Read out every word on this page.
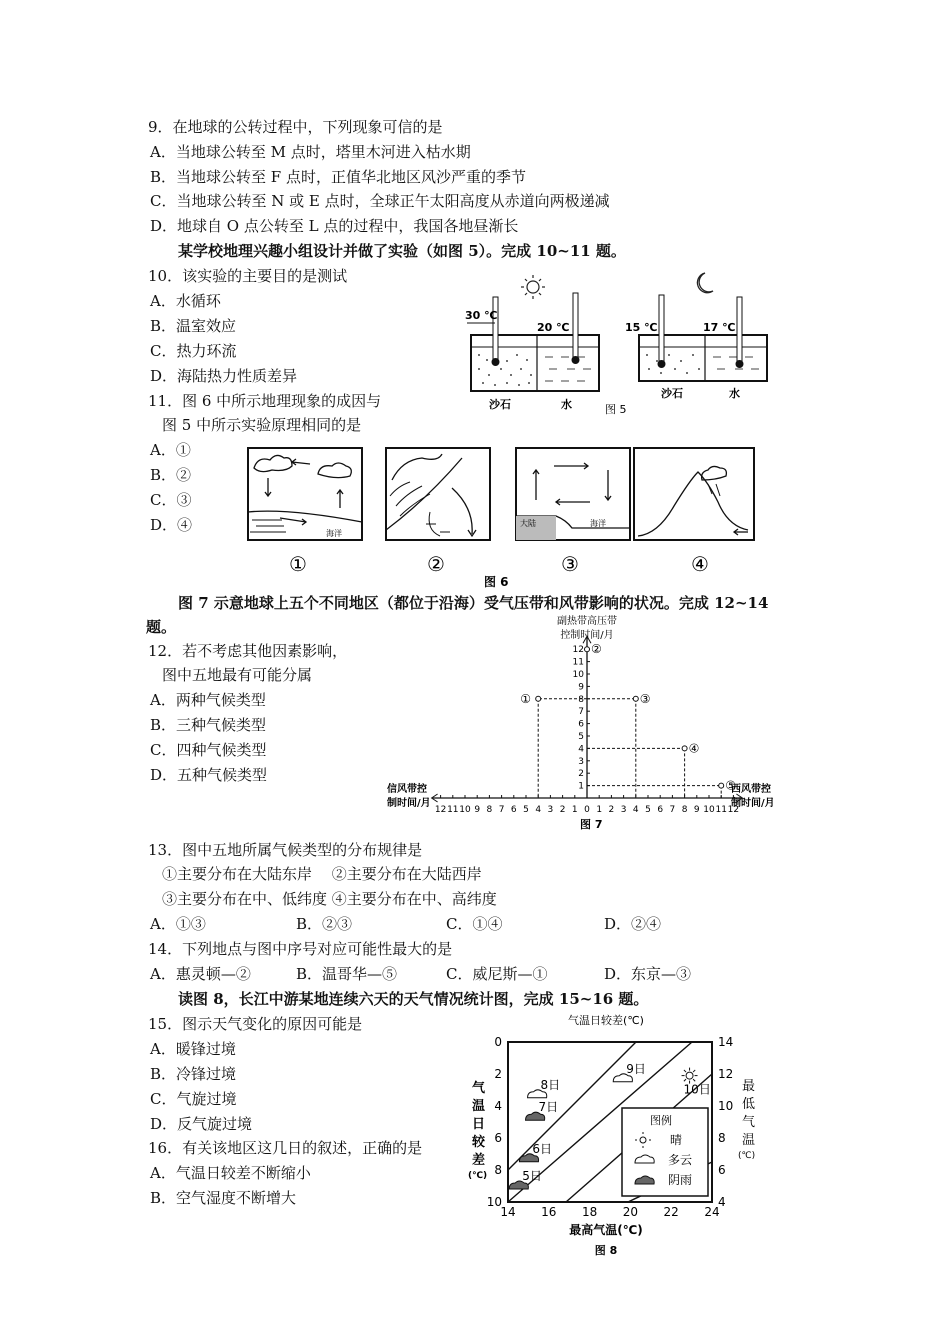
9．在地球的公转过程中，下列现象可信的是
A．当地球公转至 M 点时，塔里木河进入枯水期
B．当地球公转至 F 点时，正值华北地区风沙严重的季节
C．当地球公转至 N 或 E 点时，全球正午太阳高度从赤道向两极递减
D．地球自 O 点公转至 L 点的过程中，我国各地昼渐长
某学校地理兴趣小组设计并做了实验（如图 5）。完成 10~11 题。
10．该实验的主要目的是测试
A．水循环
B．温室效应
C．热力环流
D．海陆热力性质差异
11．图 6 中所示地理现象的成因与
图 5 中所示实验原理相同的是
A．①
B．②
C．③
D．④
30 ℃
20 ℃
沙石	水
15 ℃	17 ℃
沙石	水
图 5
海洋
大陆	海洋
①	②	③	④
图 6
图 7 示意地球上五个不同地区（都位于沿海）受气压带和风带影响的状况。完成 12~14
题。
12．若不考虑其他因素影响，
图中五地最有可能分属
A．两种气候类型
B．三种气候类型
C．四种气候类型
D．五种气候类型
副热带高压带
控制时间/月
信风带控
制时间/月
西风带控
制时间/月
12 11 10 9 8 7 6 5 4 3 2 1 0 1 2 3 4 5 6 7 8 9 10 11 12
1
2
3
4
5
6
7
8
9
10
11
12
①
②
③
④
⑤
图 7
13．图中五地所属气候类型的分布规律是
①主要分布在大陆东岸　 ②主要分布在大陆西岸
③主要分布在中、低纬度 ④主要分布在中、高纬度
A．①③	B．②③	C．①④	D．②④
14．下列地点与图中序号对应可能性最大的是
A．惠灵顿—②	B．温哥华—⑤	C．威尼斯—①	D．东京—③
读图 8，长江中游某地连续六天的天气情况统计图，完成 15~16 题。
15．图示天气变化的原因可能是
A．暖锋过境
B．冷锋过境
C．气旋过境
D．反气旋过境
16．有关该地区这几日的叙述，正确的是
A．气温日较差不断缩小
B．空气湿度不断增大
气温日较差(℃)
气
温
日
较
差
(℃)
最
低
气
温
(℃)
14 16 18 20 22 24
0
2
4
6
8
10
14
12
10
8
6
4
5日
6日
7日
8日
9日
10日
图例
晴
多云
阴雨
最高气温(℃)
图 8
